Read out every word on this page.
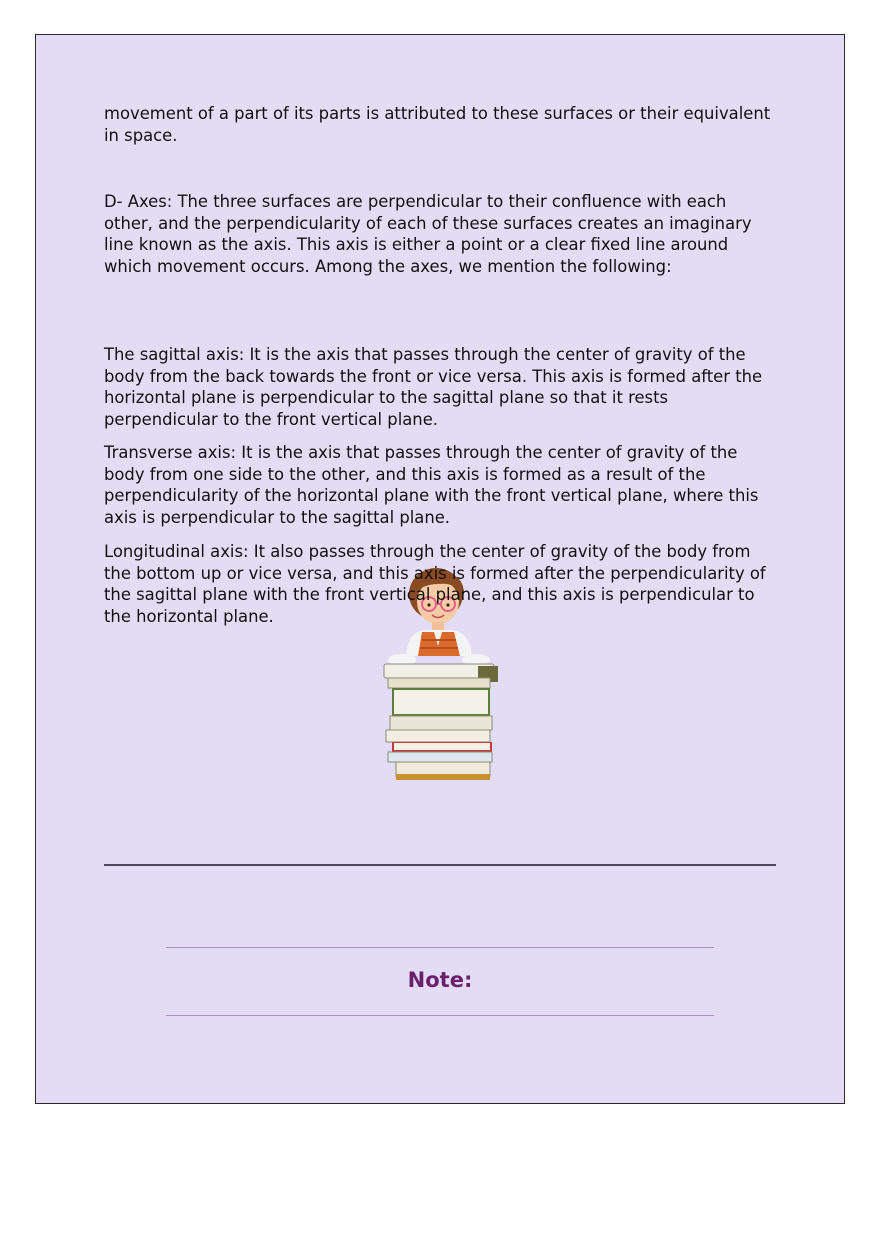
movement of a part of its parts is attributed to these surfaces or their equivalent in space.

D- Axes: The three surfaces are perpendicular to their confluence with each other, and the perpendicularity of each of these surfaces creates an imaginary line known as the axis. This axis is either a point or a clear fixed line around which movement occurs. Among the axes, we mention the following:

The sagittal axis: It is the axis that passes through the center of gravity of the body from the back towards the front or vice versa. This axis is formed after the horizontal plane is perpendicular to the sagittal plane so that it rests perpendicular to the front vertical plane.

Transverse axis: It is the axis that passes through the center of gravity of the body from one side to the other, and this axis is formed as a result of the perpendicularity of the horizontal plane with the front vertical plane, where this axis is perpendicular to the sagittal plane.

Longitudinal axis: It also passes through the center of gravity of the body from the bottom up or vice versa, and this axis is formed after the perpendicularity of the sagittal plane with the front vertical plane, and this axis is perpendicular to the horizontal plane.

Note:
